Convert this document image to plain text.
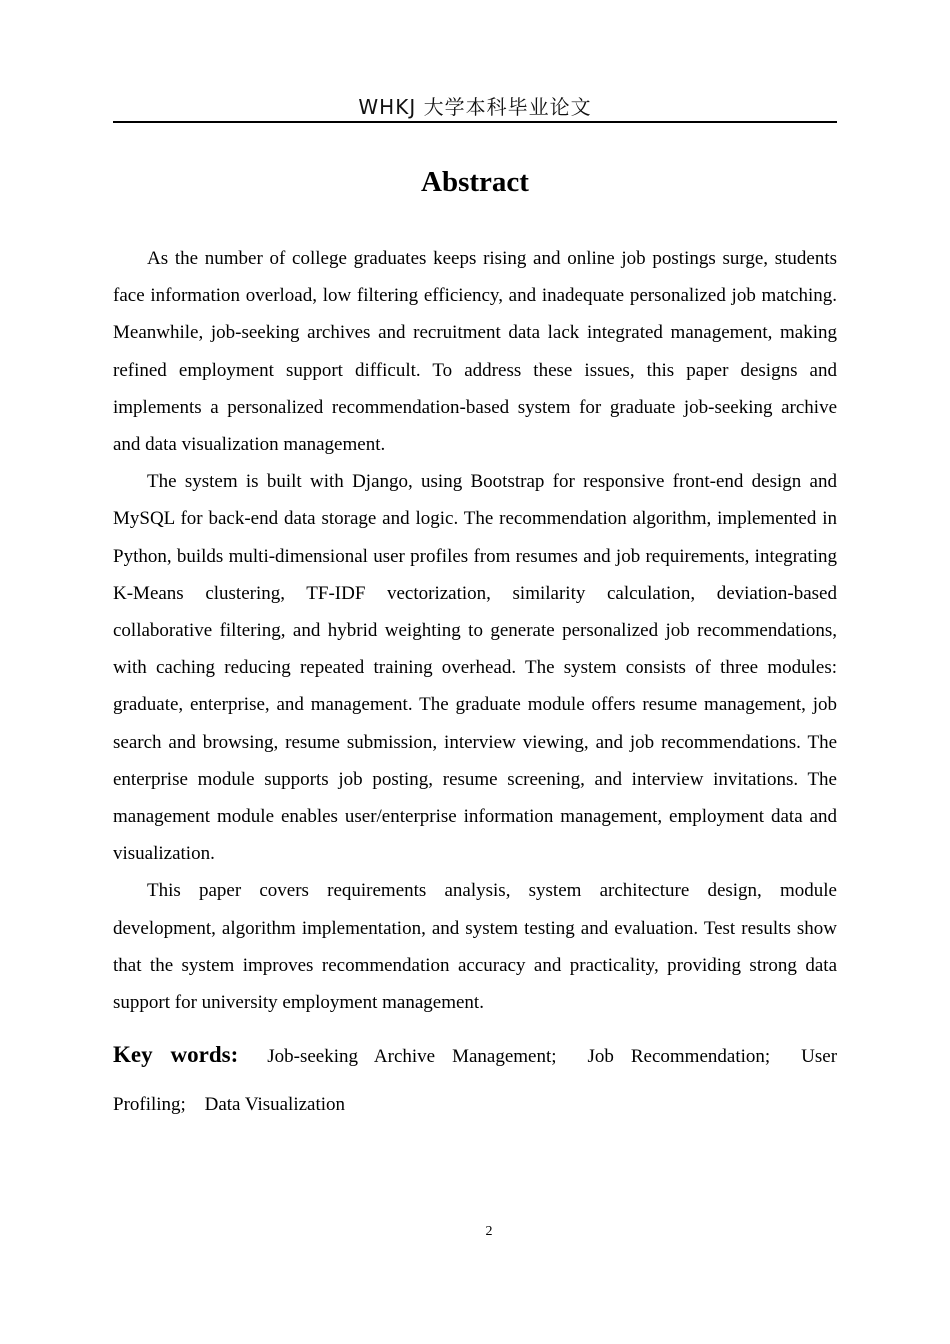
WHKJ 大学本科毕业论文
Abstract

As the number of college graduates keeps rising and online job postings surge, students face information overload, low filtering efficiency, and inadequate personalized job matching. Meanwhile, job-seeking archives and recruitment data lack integrated management, making refined employment support difficult. To address these issues, this paper designs and implements a personalized recommendation-based system for graduate job-seeking archive and data visualization management.

The system is built with Django, using Bootstrap for responsive front-end design and MySQL for back-end data storage and logic. The recommendation algorithm, implemented in Python, builds multi-dimensional user profiles from resumes and job requirements, integrating K-Means clustering, TF-IDF vectorization, similarity calculation, deviation-based collaborative filtering, and hybrid weighting to generate personalized job recommendations, with caching reducing repeated training overhead. The system consists of three modules: graduate, enterprise, and management. The graduate module offers resume management, job search and browsing, resume submission, interview viewing, and job recommendations. The enterprise module supports job posting, resume screening, and interview invitations. The management module enables user/enterprise information management, employment data and visualization.

This paper covers requirements analysis, system architecture design, module development, algorithm implementation, and system testing and evaluation. Test results show that the system improves recommendation accuracy and practicality, providing strong data support for university employment management.

Key words: Job-seeking Archive Management; Job Recommendation; User Profiling; Data Visualization
2
